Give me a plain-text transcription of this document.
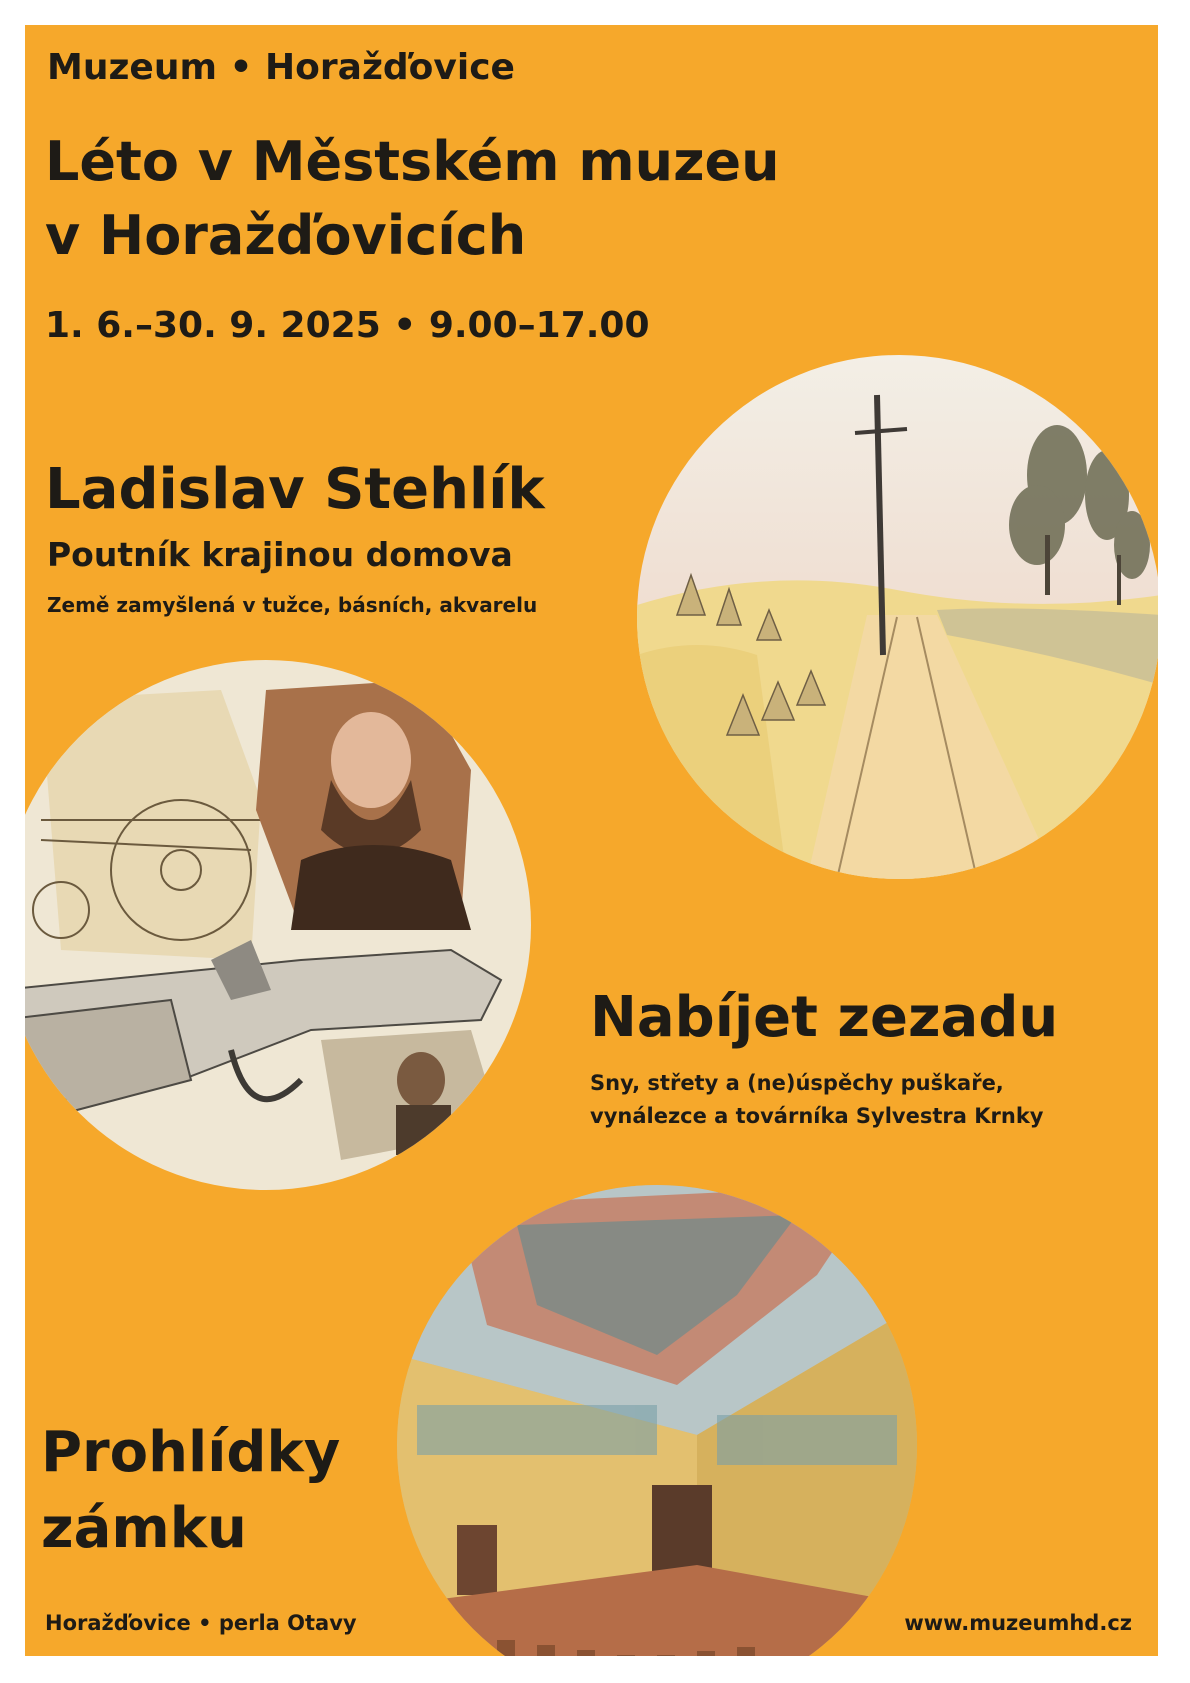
Muzeum • Horažďovice
Léto v Městském muzeu
v Horažďovicích
1. 6.–30. 9. 2025 • 9.00–17.00
Ladislav Stehlík
Poutník krajinou domova
Země zamyšlená v tužce, básních, akvarelu
Nabíjet zezadu
Sny, střety a (ne)úspěchy puškaře,
vynálezce a továrníka Sylvestra Krnky
Prohlídky
zámku
Horažďovice • perla Otavy	www.muzeumhd.cz
